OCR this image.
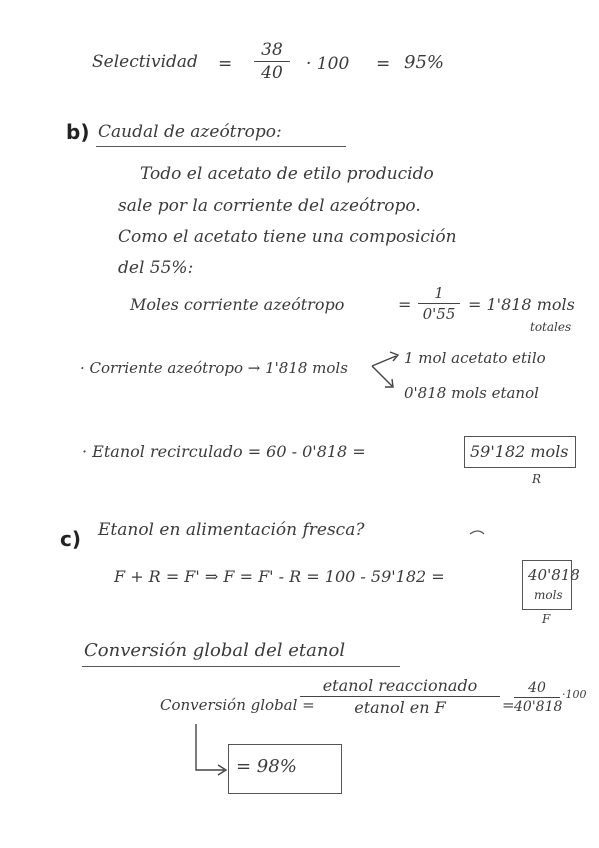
Selectividad =
38
40	· 100 = 95%
b) Caudal de azeótropo:
Todo el acetato de etilo producido
sale por la corriente del azeótropo.
Como el acetato tiene una composición
del 55%:
Moles corriente azeótropo	=
1
0'55 = 1'818 mols
totales
· Corriente azeótropo → 1'818 mols
1 mol acetato etilo
0'818 mols etanol
· Etanol recirculado = 60 - 0'818 =	59'182 mols
R
c) Etanol en alimentación fresca?
F + R = F' ⇒ F = F' - R = 100 - 59'182 =	40'818
mols
F
Conversión global del etanol
Conversión global =
etanol reaccionado
etanol en F	=
40
40'818
·100
= 98%
